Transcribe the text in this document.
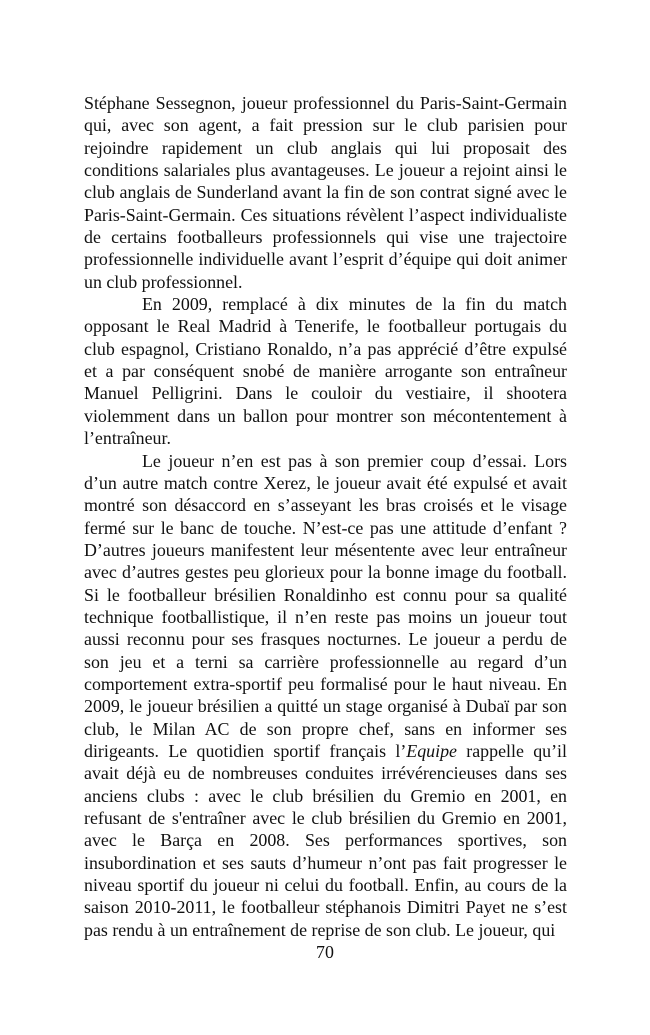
Stéphane Sessegnon, joueur professionnel du Paris-Saint-Germain qui, avec son agent, a fait pression sur le club parisien pour rejoindre rapidement un club anglais qui lui proposait des conditions salariales plus avantageuses. Le joueur a rejoint ainsi le club anglais de Sunderland avant la fin de son contrat signé avec le Paris-Saint-Germain. Ces situations révèlent l’aspect individualiste de certains footballeurs professionnels qui vise une trajectoire professionnelle individuelle avant l’esprit d’équipe qui doit animer un club professionnel.

En 2009, remplacé à dix minutes de la fin du match opposant le Real Madrid à Tenerife, le footballeur portugais du club espagnol, Cristiano Ronaldo, n’a pas apprécié d’être expulsé et a par conséquent snobé de manière arrogante son entraîneur Manuel Pelligrini. Dans le couloir du vestiaire, il shootera violemment dans un ballon pour montrer son mécontentement à l’entraîneur.

Le joueur n’en est pas à son premier coup d’essai. Lors d’un autre match contre Xerez, le joueur avait été expulsé et avait montré son désaccord en s’asseyant les bras croisés et le visage fermé sur le banc de touche. N’est-ce pas une attitude d’enfant ? D’autres joueurs manifestent leur mésentente avec leur entraîneur avec d’autres gestes peu glorieux pour la bonne image du football. Si le footballeur brésilien Ronaldinho est connu pour sa qualité technique footballistique, il n’en reste pas moins un joueur tout aussi reconnu pour ses frasques nocturnes. Le joueur a perdu de son jeu et a terni sa carrière professionnelle au regard d’un comportement extra-sportif peu formalisé pour le haut niveau. En 2009, le joueur brésilien a quitté un stage organisé à Dubaï par son club, le Milan AC de son propre chef, sans en informer ses dirigeants. Le quotidien sportif français l’Equipe rappelle qu’il avait déjà eu de nombreuses conduites irrévérencieuses dans ses anciens clubs : avec le club brésilien du Gremio en 2001, en refusant de s'entraîner avec le club brésilien du Gremio en 2001, avec le Barça en 2008. Ses performances sportives, son insubordination et ses sauts d’humeur n’ont pas fait progresser le niveau sportif du joueur ni celui du football. Enfin, au cours de la saison 2010-2011, le footballeur stéphanois Dimitri Payet ne s’est pas rendu à un entraînement de reprise de son club. Le joueur, qui

70
